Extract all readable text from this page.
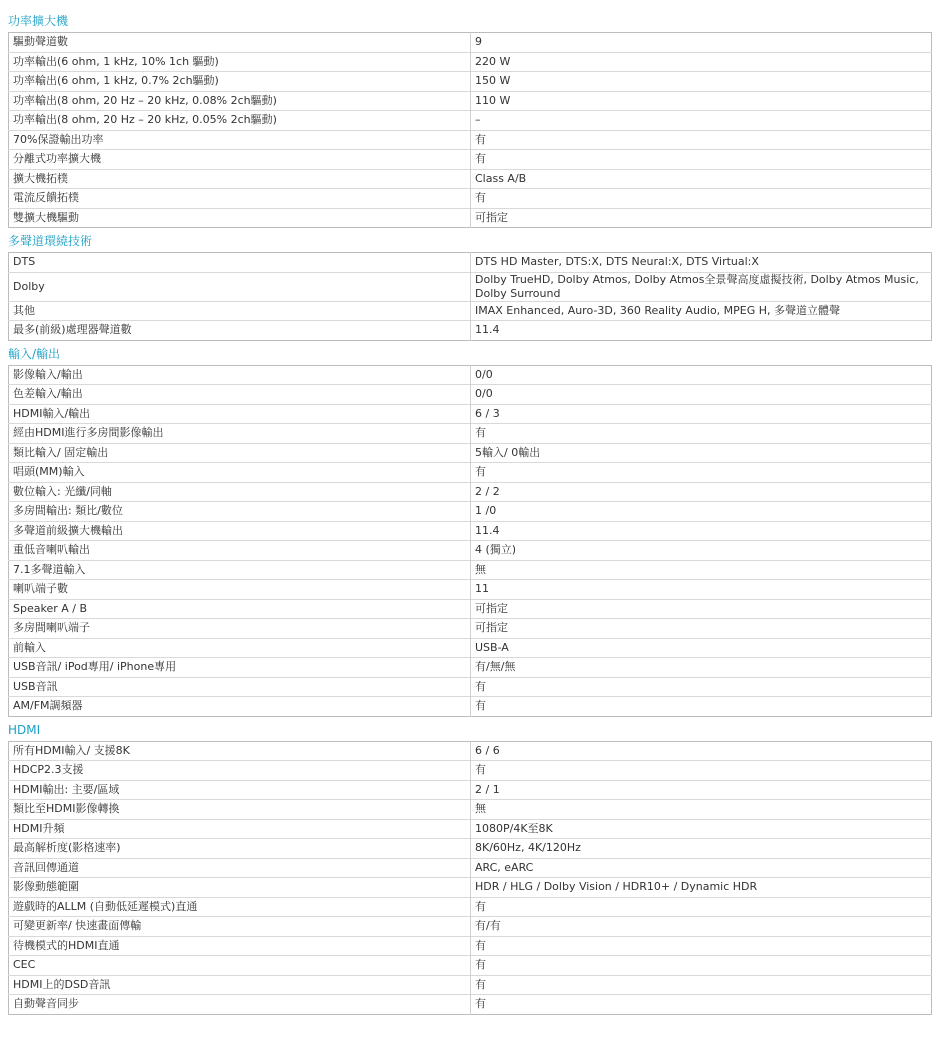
功率擴大機
驅動聲道數	9
功率輸出(6 ohm, 1 kHz, 10% 1ch 驅動)	220 W
功率輸出(6 ohm, 1 kHz, 0.7% 2ch驅動)	150 W
功率輸出(8 ohm, 20 Hz – 20 kHz, 0.08% 2ch驅動)	110 W
功率輸出(8 ohm, 20 Hz – 20 kHz, 0.05% 2ch驅動)	–
70%保證輸出功率	有
分離式功率擴大機	有
擴大機拓樸	Class A/B
電流反饋拓樸	有
雙擴大機驅動	可指定
多聲道環繞技術
DTS	DTS HD Master, DTS:X, DTS Neural:X, DTS Virtual:X
Dolby	Dolby TrueHD, Dolby Atmos, Dolby Atmos全景聲高度虛擬技術, Dolby Atmos Music, Dolby Surround
其他	IMAX Enhanced, Auro-3D, 360 Reality Audio, MPEG H, 多聲道立體聲
最多(前級)處理器聲道數	11.4
輸入/輸出
影像輸入/輸出	0/0
色差輸入/輸出	0/0
HDMI輸入/輸出	6 / 3
經由HDMI進行多房間影像輸出	有
類比輸入/ 固定輸出	5輸入/ 0輸出
唱頭(MM)輸入	有
數位輸入: 光纖/同軸	2 / 2
多房間輸出: 類比/數位	1 /0
多聲道前級擴大機輸出	11.4
重低音喇叭輸出	4 (獨立)
7.1多聲道輸入	無
喇叭端子數	11
Speaker A / B	可指定
多房間喇叭端子	可指定
前輸入	USB-A
USB音訊/ iPod專用/ iPhone專用	有/無/無
USB音訊	有
AM/FM調頻器	有
HDMI
所有HDMI輸入/ 支援8K	6 / 6
HDCP2.3支援	有
HDMI輸出: 主要/區域	2 / 1
類比至HDMI影像轉換	無
HDMI升頻	1080P/4K至8K
最高解析度(影格速率)	8K/60Hz, 4K/120Hz
音訊回傳通道	ARC, eARC
影像動態範圍	HDR / HLG / Dolby Vision / HDR10+ / Dynamic HDR
遊戲時的ALLM (自動低延遲模式)直通	有
可變更新率/ 快速畫面傳輸	有/有
待機模式的HDMI直通	有
CEC	有
HDMI上的DSD音訊	有
自動聲音同步	有
